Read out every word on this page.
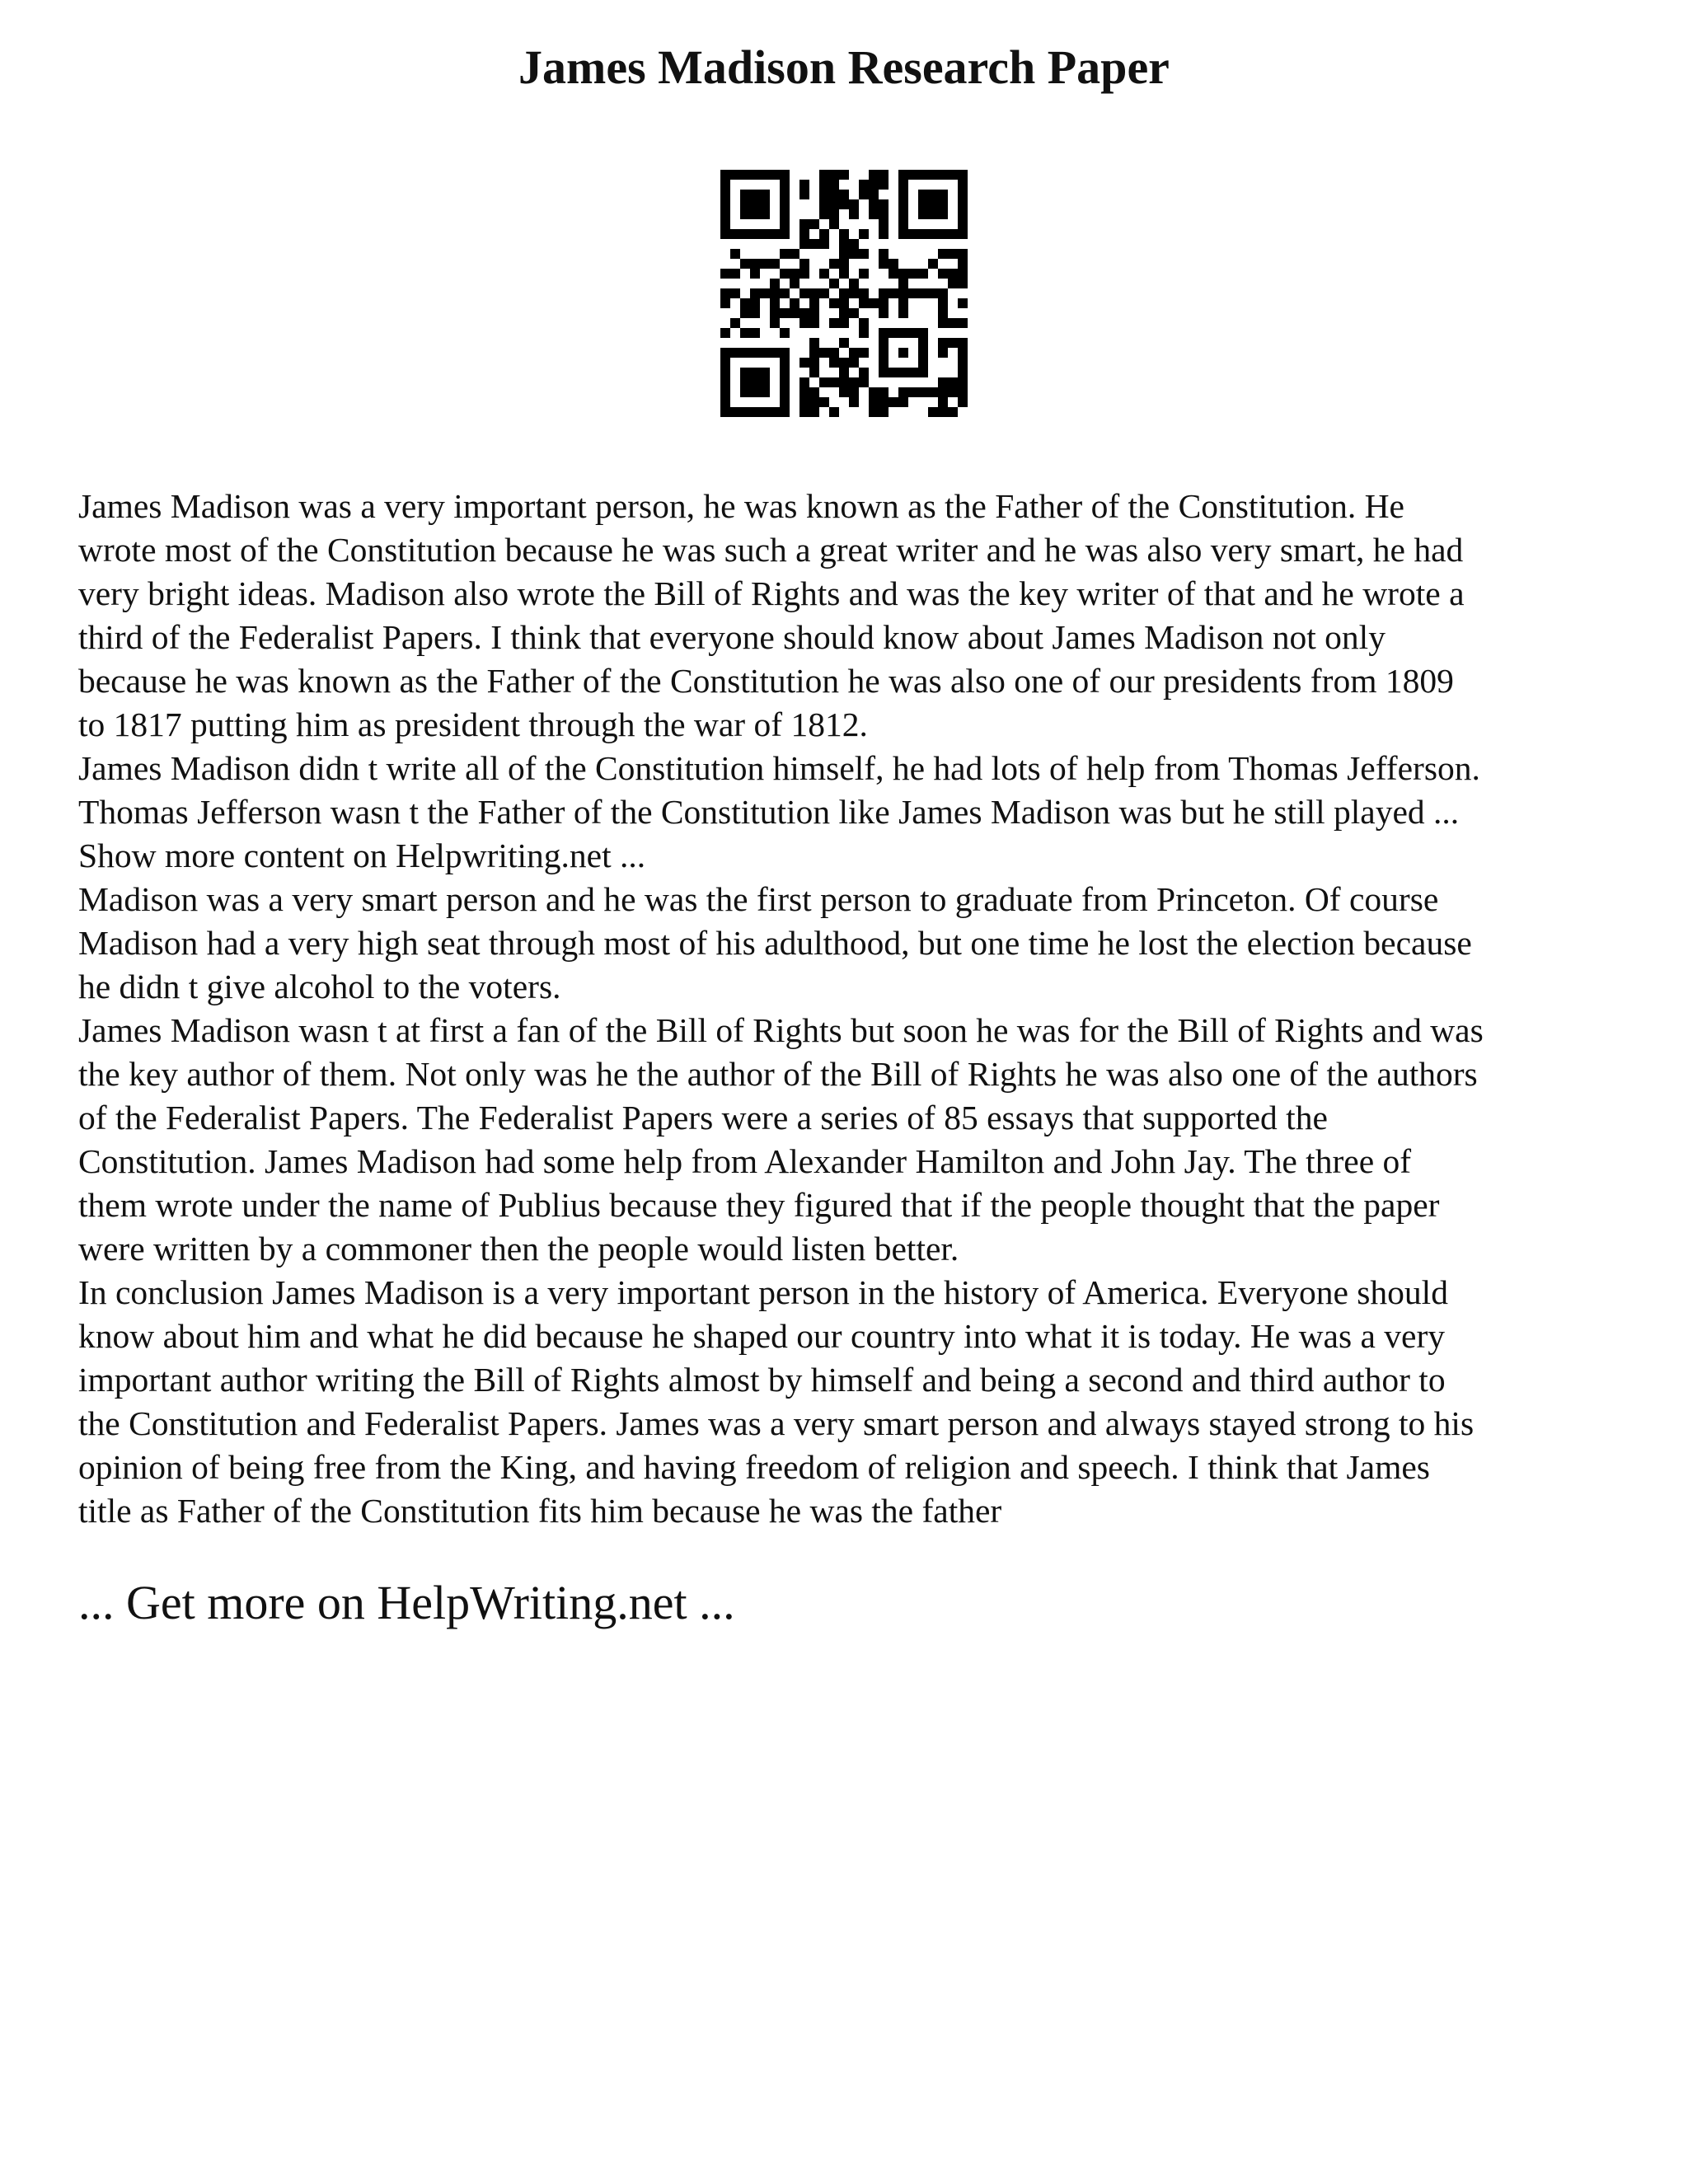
James Madison Research Paper

James Madison was a very important person, he was known as the Father of the Constitution. He
wrote most of the Constitution because he was such a great writer and he was also very smart, he had
very bright ideas. Madison also wrote the Bill of Rights and was the key writer of that and he wrote a
third of the Federalist Papers. I think that everyone should know about James Madison not only
because he was known as the Father of the Constitution he was also one of our presidents from 1809
to 1817 putting him as president through the war of 1812.

James Madison didn t write all of the Constitution himself, he had lots of help from Thomas Jefferson.
Thomas Jefferson wasn t the Father of the Constitution like James Madison was but he still played ...
Show more content on Helpwriting.net ...

Madison was a very smart person and he was the first person to graduate from Princeton. Of course
Madison had a very high seat through most of his adulthood, but one time he lost the election because
he didn t give alcohol to the voters.

James Madison wasn t at first a fan of the Bill of Rights but soon he was for the Bill of Rights and was
the key author of them. Not only was he the author of the Bill of Rights he was also one of the authors
of the Federalist Papers. The Federalist Papers were a series of 85 essays that supported the
Constitution. James Madison had some help from Alexander Hamilton and John Jay. The three of
them wrote under the name of Publius because they figured that if the people thought that the paper
were written by a commoner then the people would listen better.

In conclusion James Madison is a very important person in the history of America. Everyone should
know about him and what he did because he shaped our country into what it is today. He was a very
important author writing the Bill of Rights almost by himself and being a second and third author to
the Constitution and Federalist Papers. James was a very smart person and always stayed strong to his
opinion of being free from the King, and having freedom of religion and speech. I think that James
title as Father of the Constitution fits him because he was the father

... Get more on HelpWriting.net ...
